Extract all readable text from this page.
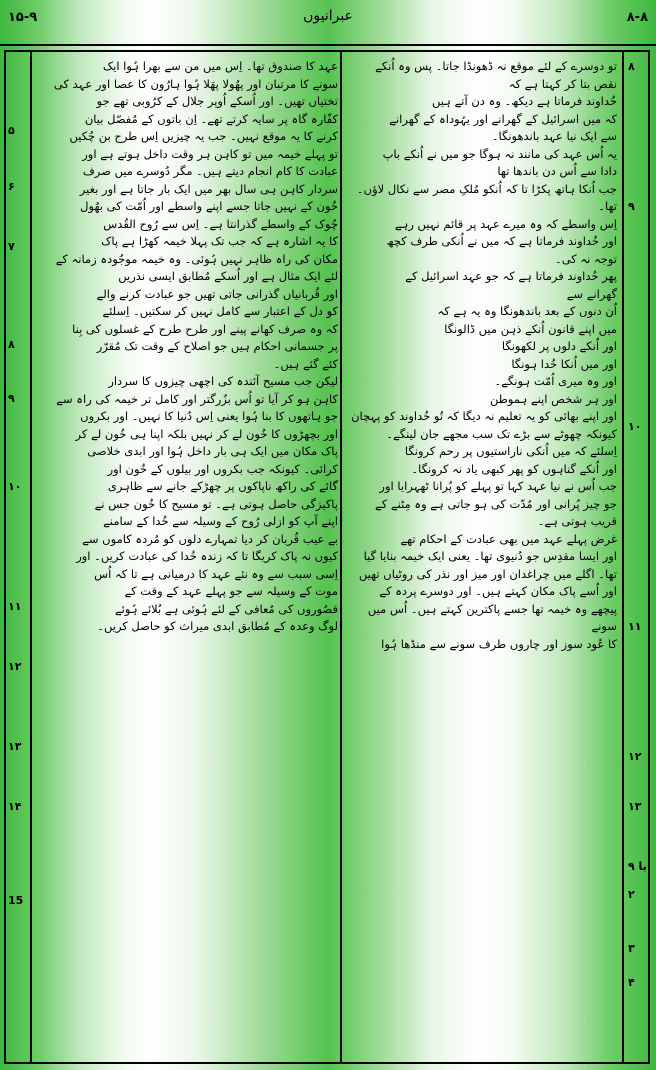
۸-۸
عبرانیوں
۱۵-۹

تو دوسرے کے لئے موقع نہ ڈھونڈا جاتا۔ پس وہ اُنکے

نقص بتا کر کہتا ہے کہ

خُداوند فرماتا ہے دیکھ۔ وہ دن آتے ہیں

کہ میں اسرائیل کے گھرانے اور یہُوداہ کے گھرانے

سے ایک نیا عہد باندھونگا۔

یہ اُس عہد کی مانند نہ ہوگا جو میں نے اُنکے باپ

دادا سے اُس دن باندھا تھا

جب اُنکا ہاتھ پکڑا تا کہ اُنکو مُلکِ مصر سے نکال لاؤں۔

تھا۔

اِس واسطے کہ وہ میرے عہد پر قائم نہیں رہے

اور خُداوند فرماتا ہے کہ میں نے اُنکی طرف کچھ

توجہ نہ کی۔

پھر خُداوند فرماتا ہے کہ جو عہد اسرائیل کے

گھرانے سے

اُن دنوں کے بعد باندھونگا وہ یہ ہے کہ

میں اپنے قانون اُنکے ذہن میں ڈالونگا

اور اُنکے دلوں پر لکھونگا

اور میں اُنکا خُدا ہونگا

اور وہ میری اُمّت ہونگے۔

اور ہر شخص اپنے ہموطن

اور اپنے بھائی کو یہ تعلیم نہ دیگا کہ تُو خُداوند کو پہچان

کیونکہ چھوٹے سے بڑے تک سب مجھے جان لینگے۔

اِسلئے کہ میں اُنکی ناراستیوں پر رحم کرونگا

اور اُنکے گناہوں کو پھر کبھی یاد نہ کرونگا۔

جب اُس نے نیا عہد کہا تو پہلے کو پُرانا ٹھہرایا اور

جو چیز پُرانی اور مُدّت کی ہو جاتی ہے وہ مِٹنے کے

قریب ہوتی ہے۔

غرض پہلے عہد میں بھی عبادت کے احکام تھے

اور ایسا مقدِس جو دُنیوی تھا۔ یعنی ایک خیمہ بنایا گیا

تھا۔ اگلے میں چراغدان اور میز اور نذر کی روٹیاں تھیں

اور اُسے پاک مکان کہتے ہیں۔ اور دوسرے پردہ کے

پیچھے وہ خیمہ تھا جسے پاکترین کہتے ہیں۔ اُس میں سونے

کا عُود سوز اور چاروں طرف سونے سے منڈھا ہُوا

عہد کا صندوق تھا۔ اِس میں من سے بھرا ہُوا ایک

سونے کا مرتبان اور پھُولا پھَلا ہُوا ہارُون کا عصا اور عہد کی

تختیاں تھیں۔ اور اُسکے اُوپر جلال کے کرُوبی تھے جو

کفّارہ گاہ پر سایہ کرتے تھے۔ اِن باتوں کے مُفصّل بیان

کرنے کا یہ موقع نہیں۔ جب یہ چیزیں اِس طرح بن چُکیں

تو پہلے خیمہ میں تو کاہن ہر وقت داخل ہوتے ہے اور

عبادت کا کام انجام دیتے ہیں۔ مگر دُوسرے میں صرف

سردار کاہن ہی سال بھر میں ایک بار جاتا ہے اور بغیر

خُون کے نہیں جاتا جسے اپنے واسطے اور اُمّت کی بھُول

چُوک کے واسطے گذرانتا ہے۔ اِس سے رُوح القُدس

کا یہ اشارہ ہے کہ جب تک پہلا خیمہ کھڑا ہے پاک

مکان کی راہ ظاہر نہیں ہُوئی۔ وہ خیمہ موجُودہ زمانہ کے

لئے ایک مثال ہے اور اُسکے مُطابق ایسی نذریں

اور قُربانیاں گذرانی جاتی تھیں جو عبادت کرنے والے

کو دل کے اعتبار سے کامل نہیں کر سکتیں۔ اِسلئے

کہ وہ صرف کھانے پینے اور طرح طرح کے غسلوں کی بِنا

پر جسمانی احکام ہیں جو اصلاح کے وقت تک مُقرّر

کئے گئے ہیں۔

لیکن جب مسیح آئندہ کی اچھی چیزوں کا سردار

کاہن ہو کر آیا تو اُس بزُرگتر اور کامل تر خیمہ کی راہ سے

جو ہاتھوں کا بنا ہُوا یعنی اِس دُنیا کا نہیں۔ اور بکروں

اور بچھڑوں کا خُون لے کر نہیں بلکہ اپنا ہی خُون لے کر

پاک مکان میں ایک ہی بار داخل ہُوا اور ابدی خلاصی

کرائی۔ کیونکہ جب بکروں اور بیلوں کے خُون اور

گائے کی راکھ ناپاکوں پر چھڑکے جانے سے ظاہری

پاکیزگی حاصل ہوتی ہے۔ تو مسیح کا خُون جس نے

اپنے آپ کو ازلی رُوح کے وسیلہ سے خُدا کے سامنے

بے عیب قُربان کر دیا تمہارے دلوں کو مُردہ کاموں سے

کیوں نہ پاک کریگا تا کہ زندہ خُدا کی عبادت کریں۔ اور

اِسی سبب سے وہ نئے عہد کا درمیانی ہے تا کہ اُس

موت کے وسیلہ سے جو پہلے عہد کے وقت کے

قصُوروں کی مُعافی کے لئے ہُوئی ہے بُلائے ہُوئے

لوگ وعدہ کے مُطابق ابدی میراث کو حاصل کریں۔

۸
۹
۱۰
۱۱
۱۲
۱۳
۹ با
۲
۳
۴
۵
۶
۷
۸
۹
۱۰
۱۱
۱۲
۱۳
۱۴
15
